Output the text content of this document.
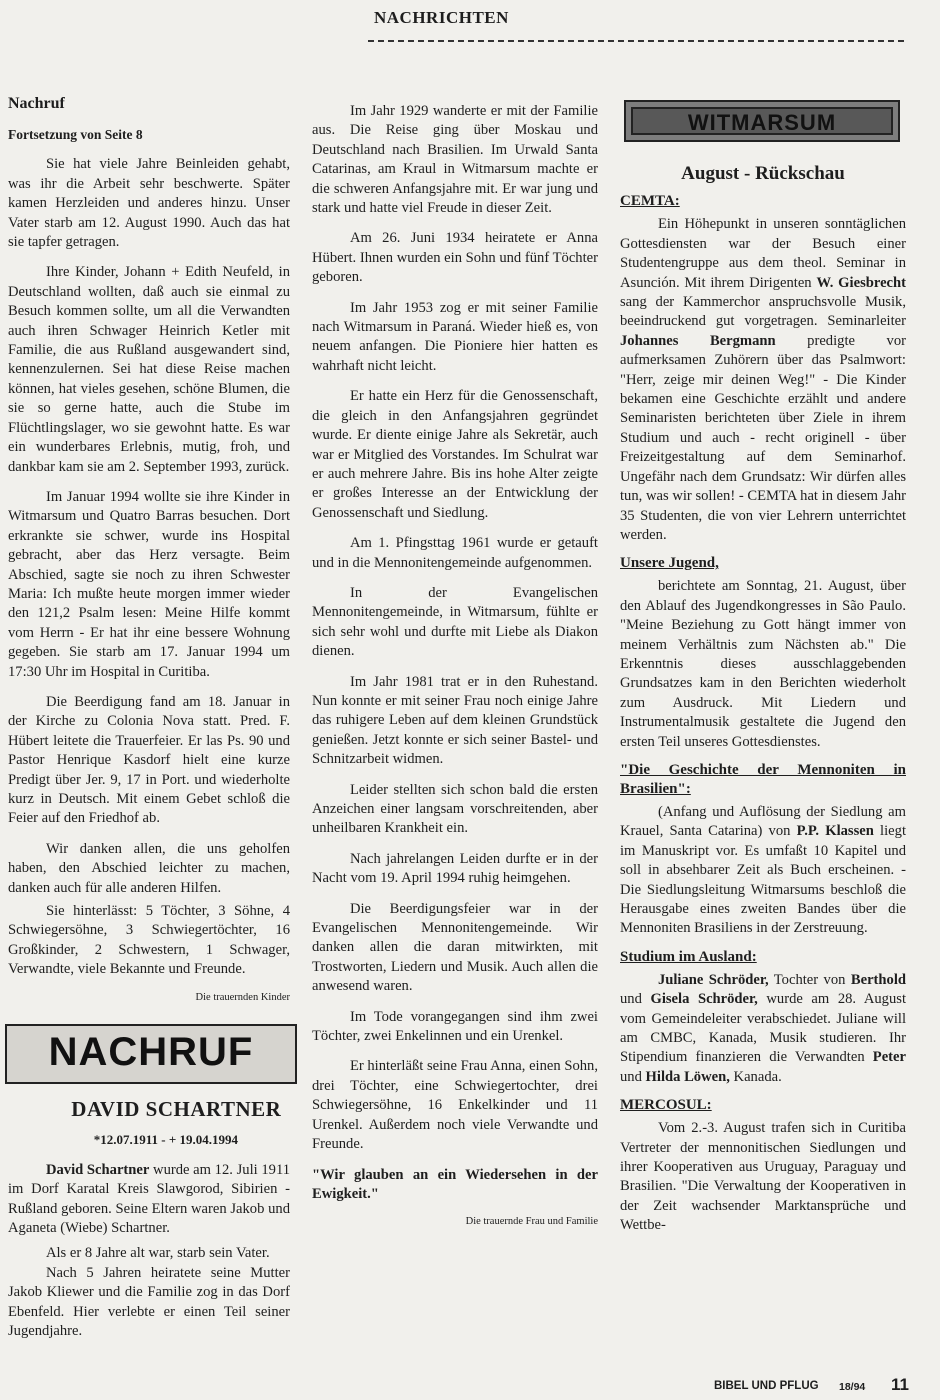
NACHRICHTEN

Nachruf

Fortsetzung von Seite 8

Sie hat viele Jahre Beinleiden gehabt, was ihr die Arbeit sehr beschwerte. Später kamen Herzleiden und anderes hinzu. Unser Vater starb am 12. August 1990. Auch das hat sie tapfer getragen.

Ihre Kinder, Johann + Edith Neufeld, in Deutschland wollten, daß auch sie einmal zu Besuch kommen sollte, um all die Verwandten auch ihren Schwager Heinrich Ketler mit Familie, die aus Rußland ausgewandert sind, kennenzulernen. Sei hat diese Reise machen können, hat vieles gesehen, schöne Blumen, die sie so gerne hatte, auch die Stube im Flüchtlingslager, wo sie gewohnt hatte. Es war ein wunderbares Erlebnis, mutig, froh, und dankbar kam sie am 2. September 1993, zurück.

Im Januar 1994 wollte sie ihre Kinder in Witmarsum und Quatro Barras besuchen. Dort erkrankte sie schwer, wurde ins Hospital gebracht, aber das Herz versagte. Beim Abschied, sagte sie noch zu ihren Schwester Maria: Ich mußte heute morgen immer wieder den 121,2 Psalm lesen: Meine Hilfe kommt vom Herrn - Er hat ihr eine bessere Wohnung gegeben. Sie starb am 17. Januar 1994 um 17:30 Uhr im Hospital in Curitiba.

Die Beerdigung fand am 18. Januar in der Kirche zu Colonia Nova statt. Pred. F. Hübert leitete die Trauerfeier. Er las Ps. 90 und Pastor Henrique Kasdorf hielt eine kurze Predigt über Jer. 9, 17 in Port. und wiederholte kurz in Deutsch. Mit einem Gebet schloß die Feier auf den Friedhof ab.

Wir danken allen, die uns geholfen haben, den Abschied leichter zu machen, danken auch für alle anderen Hilfen.

Sie hinterlässt: 5 Töchter, 3 Söhne, 4 Schwiegersöhne, 3 Schwiegertöchter, 16 Großkinder, 2 Schwestern, 1 Schwager, Verwandte, viele Bekannte und Freunde.

Die trauernden Kinder

NACHRUF

DAVID SCHARTNER

*12.07.1911 - + 19.04.1994

David Schartner wurde am 12. Juli 1911 im Dorf Karatal Kreis Slawgorod, Sibirien - Rußland geboren. Seine Eltern waren Jakob und Aganeta (Wiebe) Schartner.

Als er 8 Jahre alt war, starb sein Vater.

Nach 5 Jahren heiratete seine Mutter Jakob Kliewer und die Familie zog in das Dorf Ebenfeld. Hier verlebte er einen Teil seiner Jugendjahre.

Im Jahr 1929 wanderte er mit der Familie aus. Die Reise ging über Moskau und Deutschland nach Brasilien. Im Urwald Santa Catarinas, am Kraul in Witmarsum machte er die schweren Anfangsjahre mit. Er war jung und stark und hatte viel Freude in dieser Zeit.

Am 26. Juni 1934 heiratete er Anna Hübert. Ihnen wurden ein Sohn und fünf Töchter geboren.

Im Jahr 1953 zog er mit seiner Familie nach Witmarsum in Paraná. Wieder hieß es, von neuem anfangen. Die Pioniere hier hatten es wahrhaft nicht leicht.

Er hatte ein Herz für die Genossenschaft, die gleich in den Anfangsjahren gegründet wurde. Er diente einige Jahre als Sekretär, auch war er Mitglied des Vorstandes. Im Schulrat war er auch mehrere Jahre. Bis ins hohe Alter zeigte er großes Interesse an der Entwicklung der Genossenschaft und Siedlung.

Am 1. Pfingsttag 1961 wurde er getauft und in die Mennonitengemeinde aufgenommen.

In der Evangelischen Mennonitengemeinde, in Witmarsum, fühlte er sich sehr wohl und durfte mit Liebe als Diakon dienen.

Im Jahr 1981 trat er in den Ruhestand. Nun konnte er mit seiner Frau noch einige Jahre das ruhigere Leben auf dem kleinen Grundstück genießen. Jetzt konnte er sich seiner Bastel- und Schnitzarbeit widmen.

Leider stellten sich schon bald die ersten Anzeichen einer langsam vorschreitenden, aber unheilbaren Krankheit ein.

Nach jahrelangen Leiden durfte er in der Nacht vom 19. April 1994 ruhig heimgehen.

Die Beerdigungsfeier war in der Evangelischen Mennonitengemeinde. Wir danken allen die daran mitwirkten, mit Trostworten, Liedern und Musik. Auch allen die anwesend waren.

Im Tode vorangegangen sind ihm zwei Töchter, zwei Enkelinnen und ein Urenkel.

Er hinterläßt seine Frau Anna, einen Sohn, drei Töchter, eine Schwiegertochter, drei Schwiegersöhne, 16 Enkelkinder und 11 Urenkel. Außerdem noch viele Verwandte und Freunde.

"Wir glauben an ein Wiedersehen in der Ewigkeit."

Die trauernde Frau und Familie

WITMARSUM

August - Rückschau

CEMTA:

Ein Höhepunkt in unseren sonntäglichen Gottesdiensten war der Besuch einer Studentengruppe aus dem theol. Seminar in Asunción. Mit ihrem Dirigenten W. Giesbrecht sang der Kammerchor anspruchsvolle Musik, beeindruckend gut vorgetragen. Seminarleiter Johannes Bergmann predigte vor aufmerksamen Zuhörern über das Psalmwort: "Herr, zeige mir deinen Weg!" - Die Kinder bekamen eine Geschichte erzählt und andere Seminaristen berichteten über Ziele in ihrem Studium und auch - recht originell - über Freizeitgestaltung auf dem Seminarhof. Ungefähr nach dem Grundsatz: Wir dürfen alles tun, was wir sollen! - CEMTA hat in diesem Jahr 35 Studenten, die von vier Lehrern unterrichtet werden.

Unsere Jugend,

berichtete am Sonntag, 21. August, über den Ablauf des Jugendkongresses in São Paulo. "Meine Beziehung zu Gott hängt immer von meinem Verhältnis zum Nächsten ab." Die Erkenntnis dieses ausschlaggebenden Grundsatzes kam in den Berichten wiederholt zum Ausdruck. Mit Liedern und Instrumentalmusik gestaltete die Jugend den ersten Teil unseres Gottesdienstes.

"Die Geschichte der Mennoniten in Brasilien":

(Anfang und Auflösung der Siedlung am Krauel, Santa Catarina) von P.P. Klassen liegt im Manuskript vor. Es umfaßt 10 Kapitel und soll in absehbarer Zeit als Buch erscheinen. - Die Siedlungsleitung Witmarsums beschloß die Herausgabe eines zweiten Bandes über die Mennoniten Brasiliens in der Zerstreuung.

Studium im Ausland:

Juliane Schröder, Tochter von Berthold und Gisela Schröder, wurde am 28. August vom Gemeindeleiter verabschiedet. Juliane will am CMBC, Kanada, Musik studieren. Ihr Stipendium finanzieren die Verwandten Peter und Hilda Löwen, Kanada.

MERCOSUL:

Vom 2.-3. August trafen sich in Curitiba Vertreter der mennonitischen Siedlungen und ihrer Kooperativen aus Uruguay, Paraguay und Brasilien. "Die Verwaltung der Kooperativen in der Zeit wachsender Marktansprüche und Wettbe-

BIBEL UND PFLUG 18/94 11
